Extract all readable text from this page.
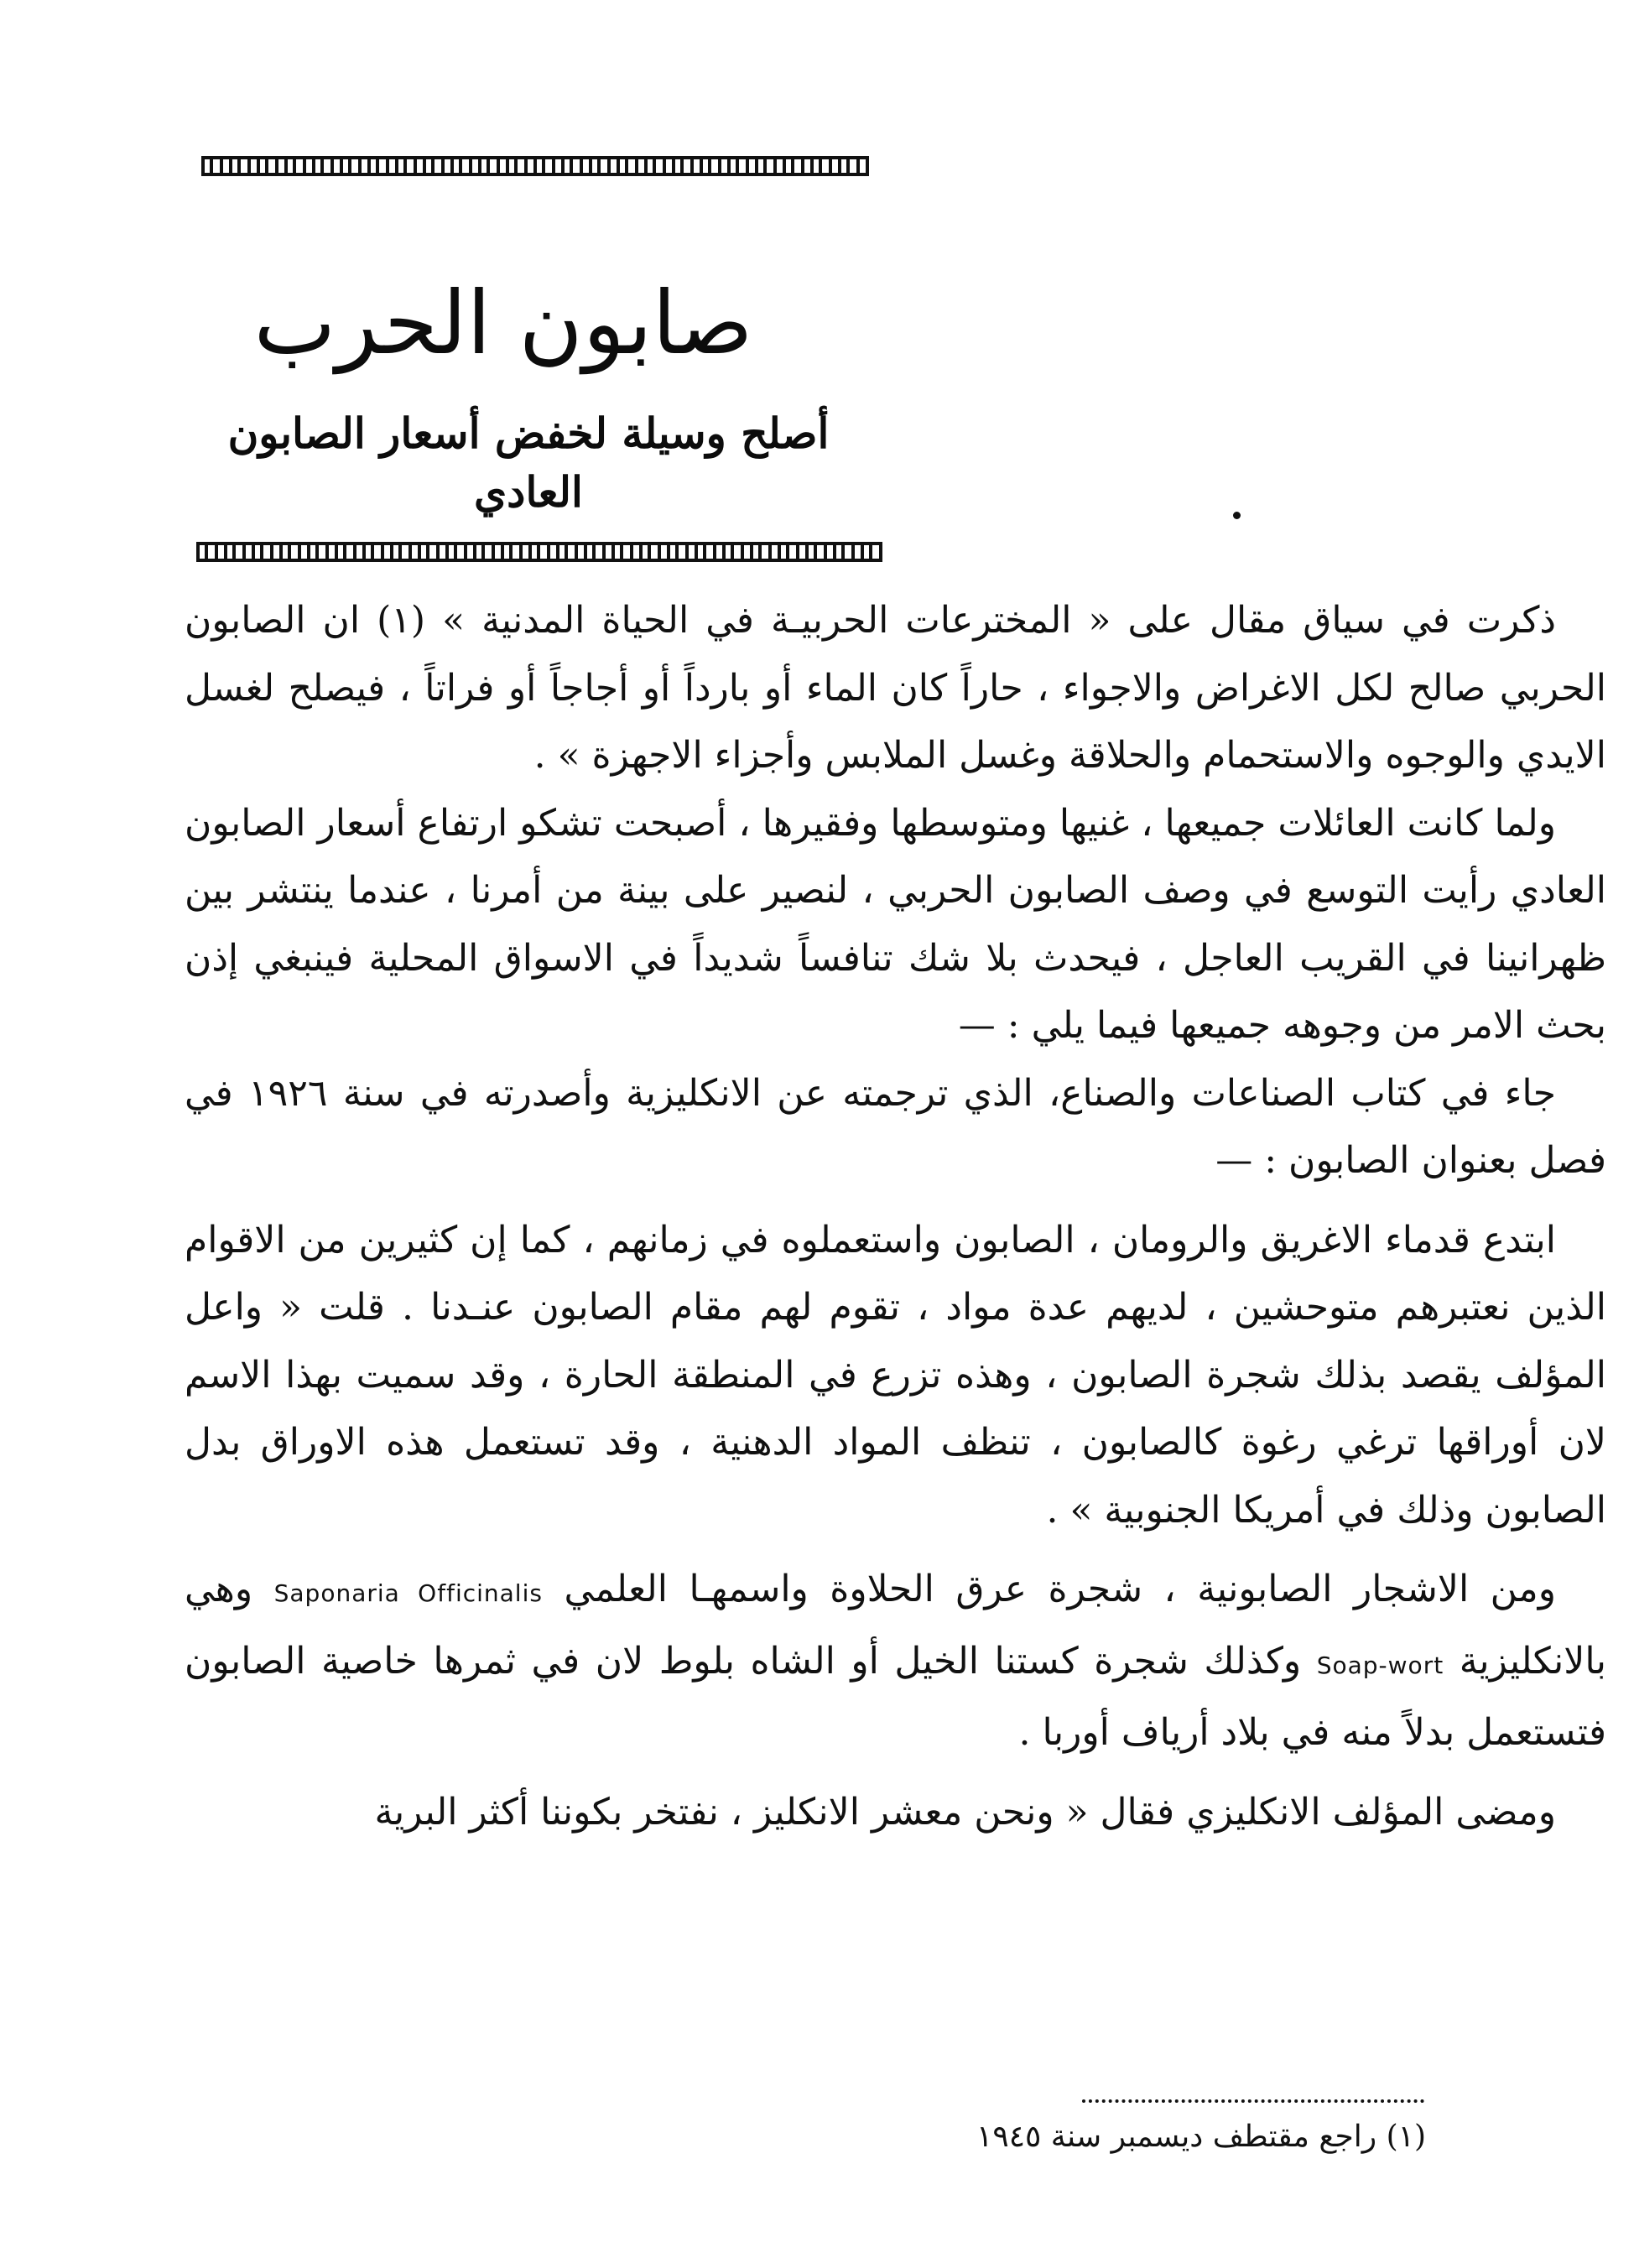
صابون الحرب
أصلح وسيلة لخفض أسعار الصابون العادي

ذكرت في سياق مقال على « المخترعات الحربيـة في الحياة المدنية » (١) ان الصابون الحربي صالح لكل الاغراض والاجواء ، حاراً كان الماء أو بارداً أو أجاجاً أو فراتاً ، فيصلح لغسل الايدي والوجوه والاستحمام والحلاقة وغسل الملابس وأجزاء الاجهزة » .

ولما كانت العائلات جميعها ، غنيها ومتوسطها وفقيرها ، أصبحت تشكو ارتفاع أسعار الصابون العادي رأيت التوسع في وصف الصابون الحربي ، لنصير على بينة من أمرنا ، عندما ينتشر بين ظهرانينا في القريب العاجل ، فيحدث بلا شك تنافساً شديداً في الاسواق المحلية فينبغي إذن بحث الامر من وجوهه جميعها فيما يلي : —

جاء في كتاب الصناعات والصناع، الذي ترجمته عن الانكليزية وأصدرته في سنة ١٩٢٦ في فصل بعنوان الصابون : —

ابتدع قدماء الاغريق والرومان ، الصابون واستعملوه في زمانهم ، كما إن كثيرين من الاقوام الذين نعتبرهم متوحشين ، لديهم عدة مواد ، تقوم لهم مقام الصابون عنـدنا . قلت « واعل المؤلف يقصد بذلك شجرة الصابون ، وهذه تزرع في المنطقة الحارة ، وقد سميت بهذا الاسم لان أوراقها ترغي رغوة كالصابون ، تنظف المواد الدهنية ، وقد تستعمل هذه الاوراق بدل الصابون وذلك في أمريكا الجنوبية » .

ومن الاشجار الصابونية ، شجرة عرق الحلاوة واسمهـا العلمي Saponaria Officinalis وهي بالانكليزية Soap-wort وكذلك شجرة كستنا الخيل أو الشاه بلوط لان في ثمرها خاصية الصابون فتستعمل بدلاً منه في بلاد أرياف أوربا .

ومضى المؤلف الانكليزي فقال « ونحن معشر الانكليز ، نفتخر بكوننا أكثر البرية

(١) راجع مقتطف ديسمبر سنة ١٩٤٥
